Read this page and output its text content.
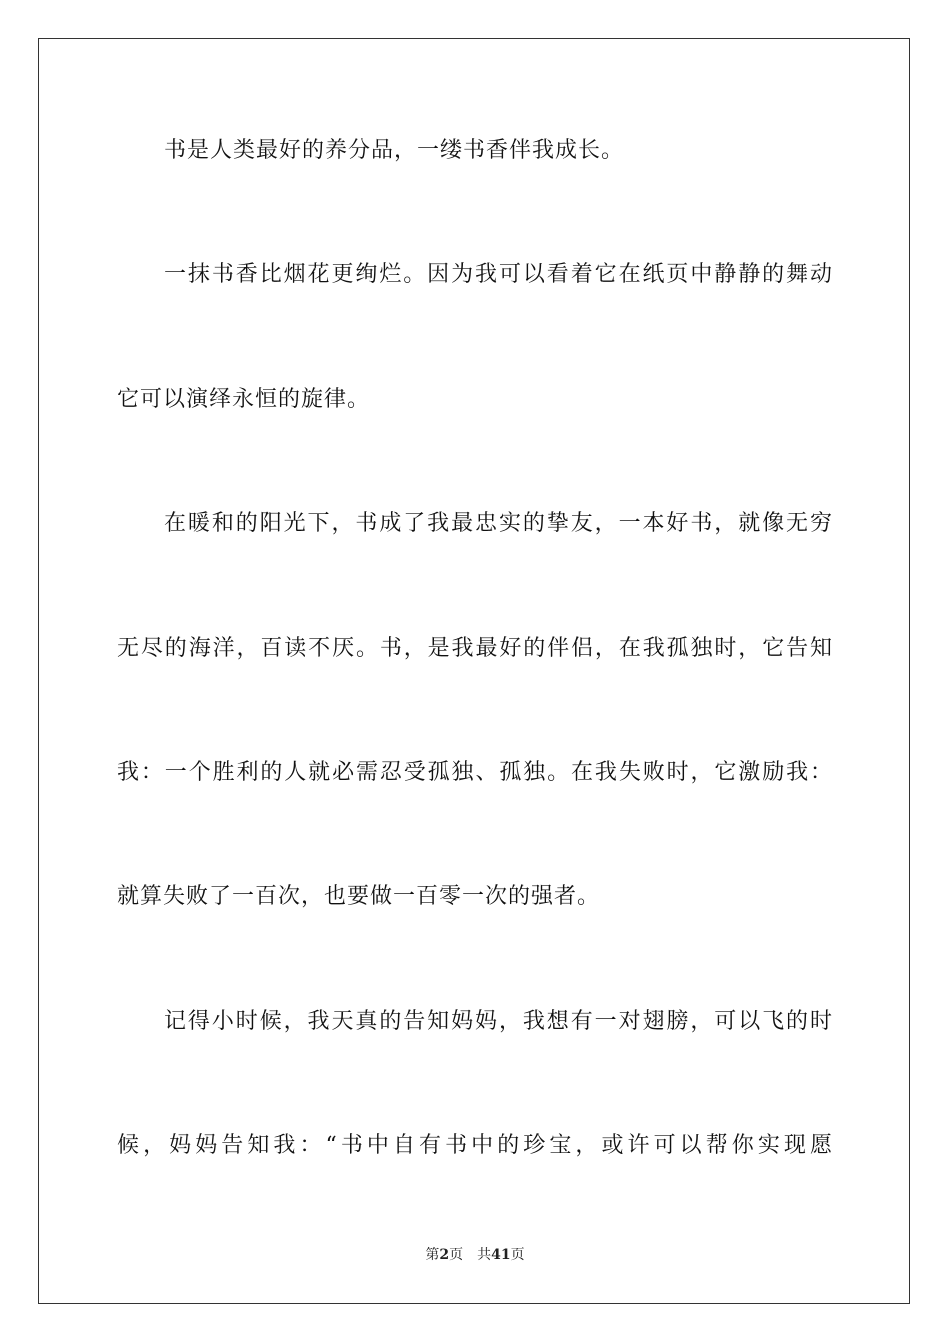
书是人类最好的养分品，一缕书香伴我成长。
一抹书香比烟花更绚烂。因为我可以看着它在纸页中静静的舞动
它可以演绎永恒的旋律。
在暖和的阳光下，书成了我最忠实的挚友，一本好书，就像无穷
无尽的海洋，百读不厌。书，是我最好的伴侣，在我孤独时，它告知
我：一个胜利的人就必需忍受孤独、孤独。在我失败时，它激励我：
就算失败了一百次，也要做一百零一次的强者。
记得小时候，我天真的告知妈妈，我想有一对翅膀，可以飞的时
候，妈妈告知我：“书中自有书中的珍宝，或许可以帮你实现愿
第2页 共41页
